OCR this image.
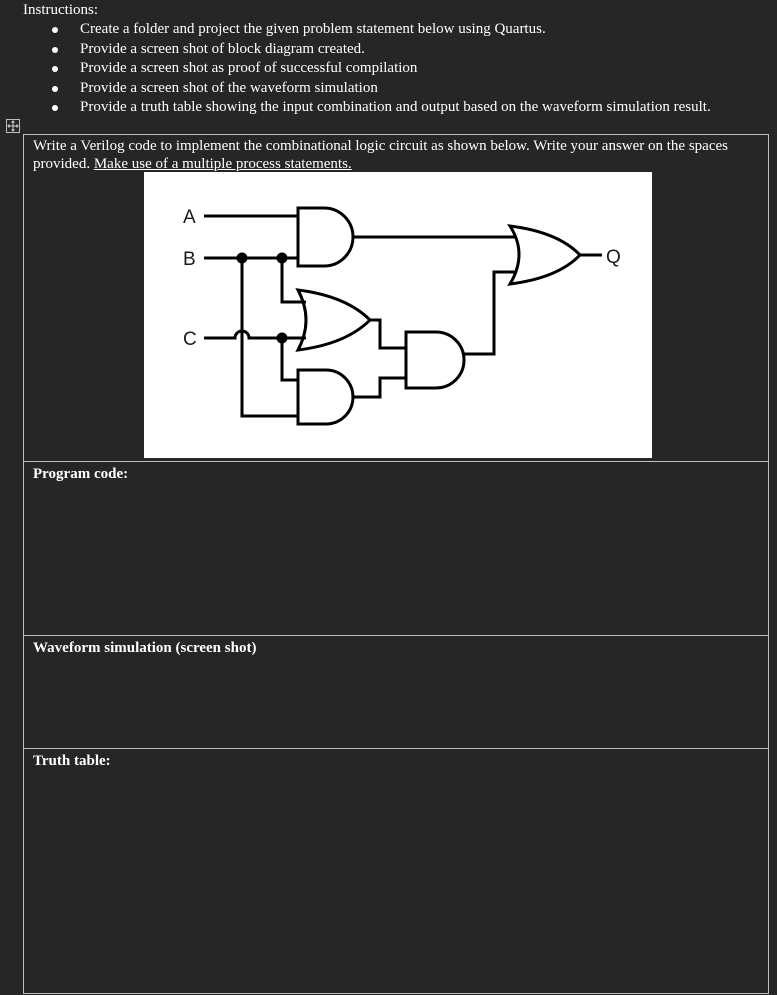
Instructions:
Create a folder and project the given problem statement below using Quartus.
Provide a screen shot of block diagram created.
Provide a screen shot as proof of successful compilation
Provide a screen shot of the waveform simulation
Provide a truth table showing the input combination and output based on the waveform simulation result.
Write a Verilog code to implement the combinational logic circuit as shown below. Write your answer on the spaces
provided. Make use of a multiple process statements.
A
B
C
Q
Program code:
Waveform simulation (screen shot)
Truth table:
